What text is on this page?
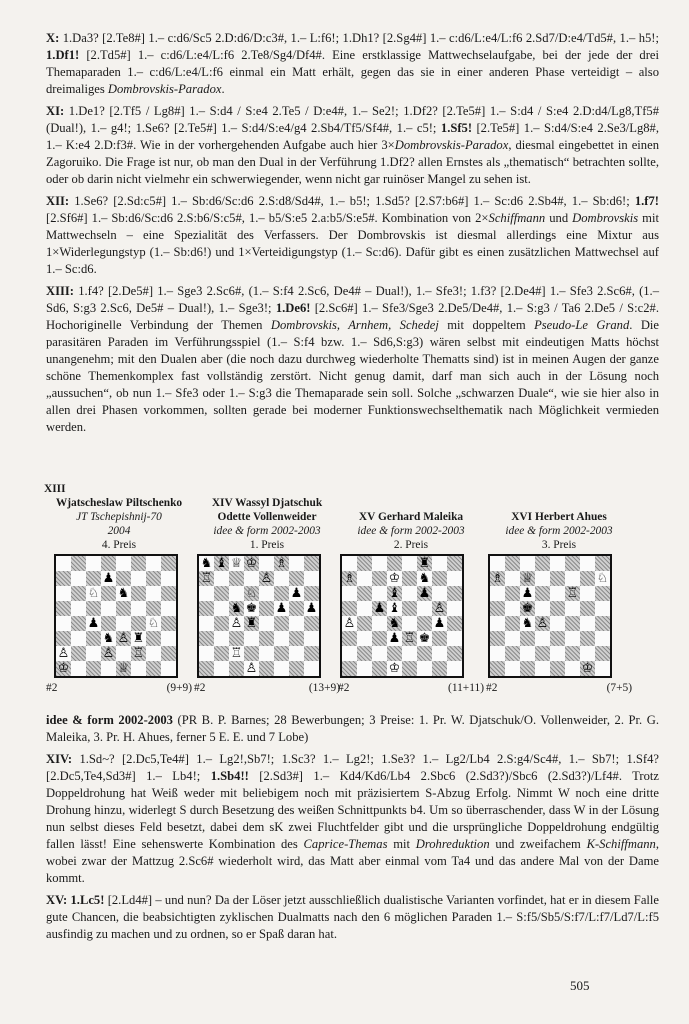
X: 1.Da3? [2.Te8#] 1.– c:d6/Sc5 2.D:d6/D:c3#, 1.– L:f6!; 1.Dh1? [2.Sg4#] 1.– c:d6/L:e4/L:f6 2.Sd7/D:e4/Td5#, 1.– h5!; 1.Df1! [2.Td5#] 1.– c:d6/L:e4/L:f6 2.Te8/Sg4/Df4#. Eine erstklassige Mattwechselaufgabe, bei der jede der drei Themaparaden 1.– c:d6/L:e4/L:f6 einmal ein Matt erhält, gegen das sie in einer anderen Phase verteidigt – also dreimaliges Dombrovskis-Paradox.

XI: 1.De1? [2.Tf5 / Lg8#] 1.– S:d4 / S:e4 2.Te5 / D:e4#, 1.– Se2!; 1.Df2? [2.Te5#] 1.– S:d4 / S:e4 2.D:d4/Lg8,Tf5# (Dual!), 1.– g4!; 1.Se6? [2.Te5#] 1.– S:d4/S:e4/g4 2.Sb4/Tf5/Sf4#, 1.– c5!; 1.Sf5! [2.Te5#] 1.– S:d4/S:e4 2.Se3/Lg8#, 1.– K:e4 2.D:f3#. Wie in der vorhergehenden Aufgabe auch hier 3×Dombrovskis-Paradox, diesmal eingebettet in einen Zagoruiko. Die Frage ist nur, ob man den Dual in der Verführung 1.Df2? allen Ernstes als „thematisch“ betrachten sollte, oder ob darin nicht vielmehr ein schwerwiegender, wenn nicht gar ruinöser Mangel zu sehen ist.

XII: 1.Se6? [2.Sd:c5#] 1.– Sb:d6/Sc:d6 2.S:d8/Sd4#, 1.– b5!; 1.Sd5? [2.S7:b6#] 1.– Sc:d6 2.Sb4#, 1.– Sb:d6!; 1.f7! [2.Sf6#] 1.– Sb:d6/Sc:d6 2.S:b6/S:c5#, 1.– b5/S:e5 2.a:b5/S:e5#. Kombination von 2×Schiffmann und Dombrovskis mit Mattwechseln – eine Spezialität des Verfassers. Der Dombrovskis ist diesmal allerdings eine Mixtur aus 1×Widerlegungstyp (1.– Sb:d6!) und 1×Verteidigungstyp (1.– Sc:d6). Dafür gibt es einen zusätzlichen Mattwechsel auf 1.– Sc:d6.

XIII: 1.f4? [2.De5#] 1.– Sge3 2.Sc6#, (1.– S:f4 2.Sc6, De4# – Dual!), 1.– Sfe3!; 1.f3? [2.De4#] 1.– Sfe3 2.Sc6#, (1.– Sd6, S:g3 2.Sc6, De5# – Dual!), 1.– Sge3!; 1.De6! [2.Sc6#] 1.– Sfe3/Sge3 2.De5/De4#, 1.– S:g3 / Ta6 2.De5 / S:c2#. Hochoriginelle Verbindung der Themen Dombrovskis, Arnhem, Schedej mit doppeltem Pseudo-Le Grand. Die parasitären Paraden im Verführungsspiel (1.– S:f4 bzw. 1.– Sd6,S:g3) wären selbst mit eindeutigen Matts höchst unangenehm; mit den Dualen aber (die noch dazu durchweg wiederholte Thematts sind) ist in meinen Augen der ganze schöne Themenkomplex fast vollständig zerstört. Nicht genug damit, darf man sich auch in der Lösung noch „aussuchen“, ob nun 1.– Sfe3 oder 1.– S:g3 die Themaparade sein soll. Solche „schwarzen Duale“, wie sie hier also in allen drei Phasen vorkommen, sollten gerade bei moderner Funktionswechselthematik nach Möglichkeit vermieden werden.

XIII
Wjatscheslaw Piltschenko
JT Tschepishnij-70
2004
4. Preis
♟
♘ ♞
♟	♘
♞ ♙ ♜
♙	♙ ♖
♔	♕
#2	(9+9)
XIV Wassyl Djatschuk
Odette Vollenweider
idee & form 2002-2003
1. Preis
♞ ♝ ♕ ♔ ♗
♖	♙
♘	♟
♞ ♚ ♟ ♟
♙ ♜
♖
♙
#2	(13+9)
XV Gerhard Maleika
idee & form 2002-2003
2. Preis
♜
♗	♔ ♞
♝ ♟
♟ ♝	♙
♙	♞	♟
♟ ♖ ♚
♔
#2	(11+11)
XVI Herbert Ahues
idee & form 2002-2003
3. Preis
♗ ♕	♘
♟	♖
♚
♞ ♙
♔
#2	(7+5)

idee & form 2002-2003 (PR B. P. Barnes; 28 Bewerbungen; 3 Preise: 1. Pr. W. Djatschuk/O. Vollenweider, 2. Pr. G. Maleika, 3. Pr. H. Ahues, ferner 5 E. E. und 7 Lobe)

XIV: 1.Sd~? [2.Dc5,Te4#] 1.– Lg2!,Sb7!; 1.Sc3? 1.– Lg2!; 1.Se3? 1.– Lg2/Lb4 2.S:g4/Sc4#, 1.– Sb7!; 1.Sf4? [2.Dc5,Te4,Sd3#] 1.– Lb4!; 1.Sb4!! [2.Sd3#] 1.– Kd4/Kd6/Lb4 2.Sbc6 (2.Sd3?)/Sbc6 (2.Sd3?)/Lf4#. Trotz Doppeldrohung hat Weiß weder mit beliebigem noch mit präzisiertem S-Abzug Erfolg. Nimmt W noch eine dritte Drohung hinzu, widerlegt S durch Besetzung des weißen Schnittpunkts b4. Um so überraschender, dass W in der Lösung nun selbst dieses Feld besetzt, dabei dem sK zwei Fluchtfelder gibt und die ursprüngliche Doppeldrohung endgültig fallen lässt! Eine sehenswerte Kombination des Caprice-Themas mit Drohreduktion und zweifachem K-Schiffmann, wobei zwar der Mattzug 2.Sc6# wiederholt wird, das Matt aber einmal vom Ta4 und das andere Mal von der Dame kommt.

XV: 1.Lc5! [2.Ld4#] – und nun? Da der Löser jetzt ausschließlich dualistische Varianten vorfindet, hat er in diesem Falle gute Chancen, die beabsichtigten zyklischen Dualmatts nach den 6 möglichen Paraden 1.– S:f5/Sb5/S:f7/L:f7/Ld7/L:f5 ausfindig zu machen und zu ordnen, so er Spaß daran hat.

505
